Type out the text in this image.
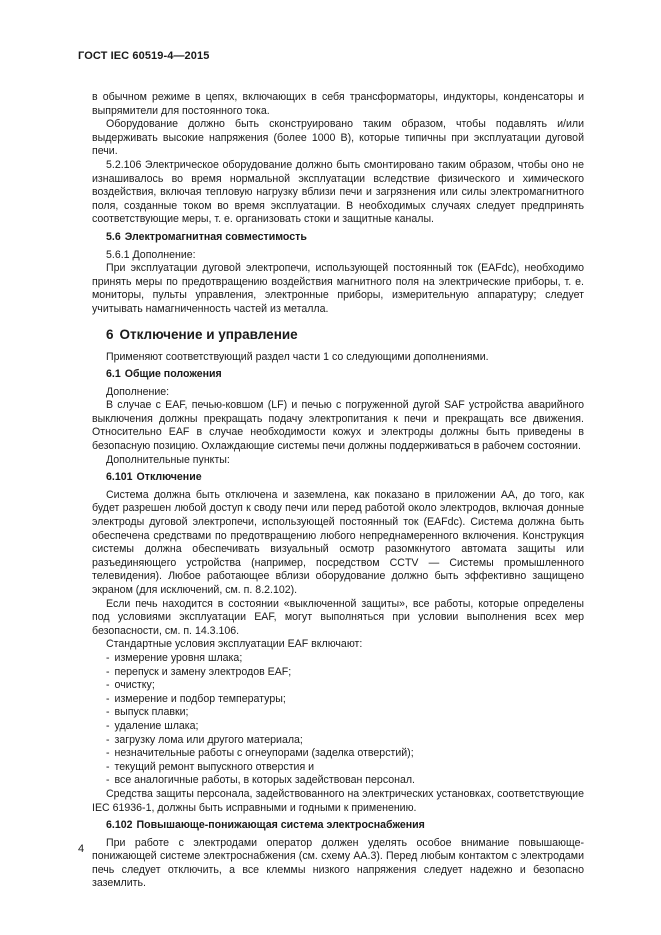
ГОСТ IEC 60519-4—2015

в обычном режиме в цепях, включающих в себя трансформаторы, индукторы, конденсаторы и выпрямители для постоянного тока.

Оборудование должно быть сконструировано таким образом, чтобы подавлять и/или выдерживать высокие напряжения (более 1000 В), которые типичны при эксплуатации дуговой печи.

5.2.106 Электрическое оборудование должно быть смонтировано таким образом, чтобы оно не изнашивалось во время нормальной эксплуатации вследствие физического и химического воздействия, включая тепловую нагрузку вблизи печи и загрязнения или силы электромагнитного поля, созданные током во время эксплуатации. В необходимых случаях следует предпринять соответствующие меры, т. е. организовать стоки и защитные каналы.

5.6 Электромагнитная совместимость

5.6.1 Дополнение:

При эксплуатации дуговой электропечи, использующей постоянный ток (EAFdc), необходимо принять меры по предотвращению воздействия магнитного поля на электрические приборы, т. е. мониторы, пульты управления, электронные приборы, измерительную аппаратуру; следует учитывать намагниченность частей из металла.

6 Отключение и управление

Применяют соответствующий раздел части 1 со следующими дополнениями.

6.1 Общие положения

Дополнение:

В случае с EAF, печью-ковшом (LF) и печью с погруженной дугой SAF устройства аварийного выключения должны прекращать подачу электропитания к печи и прекращать все движения. Относительно EAF в случае необходимости кожух и электроды должны быть приведены в безопасную позицию. Охлаждающие системы печи должны поддерживаться в рабочем состоянии.

Дополнительные пункты:

6.101 Отключение

Система должна быть отключена и заземлена, как показано в приложении АА, до того, как будет разрешен любой доступ к своду печи или перед работой около электродов, включая донные электроды дуговой электропечи, использующей постоянный ток (EAFdc). Система должна быть обеспечена средствами по предотвращению любого непреднамеренного включения. Конструкция системы должна обеспечивать визуальный осмотр разомкнутого автомата защиты или разъединяющего устройства (например, посредством CCTV — Системы промышленного телевидения). Любое работающее вблизи оборудование должно быть эффективно защищено экраном (для исключений, см. п. 8.2.102).

Если печь находится в состоянии «выключенной защиты», все работы, которые определены под условиями эксплуатации EAF, могут выполняться при условии выполнения всех мер безопасности, см. п. 14.3.106.

Стандартные условия эксплуатации EAF включают:

- измерение уровня шлака;

- перепуск и замену электродов EAF;

- очистку;

- измерение и подбор температуры;

- выпуск плавки;

- удаление шлака;

- загрузку лома или другого материала;

- незначительные работы с огнеупорами (заделка отверстий);

- текущий ремонт выпускного отверстия и

- все аналогичные работы, в которых задействован персонал.

Средства защиты персонала, задействованного на электрических установках, соответствующие IEC 61936-1, должны быть исправными и годными к применению.

6.102 Повышающе-понижающая система электроснабжения

При работе с электродами оператор должен уделять особое внимание повышающе-понижающей системе электроснабжения (см. схему АА.3). Перед любым контактом с электродами печь следует отключить, а все клеммы низкого напряжения следует надежно и безопасно заземлить.

4
